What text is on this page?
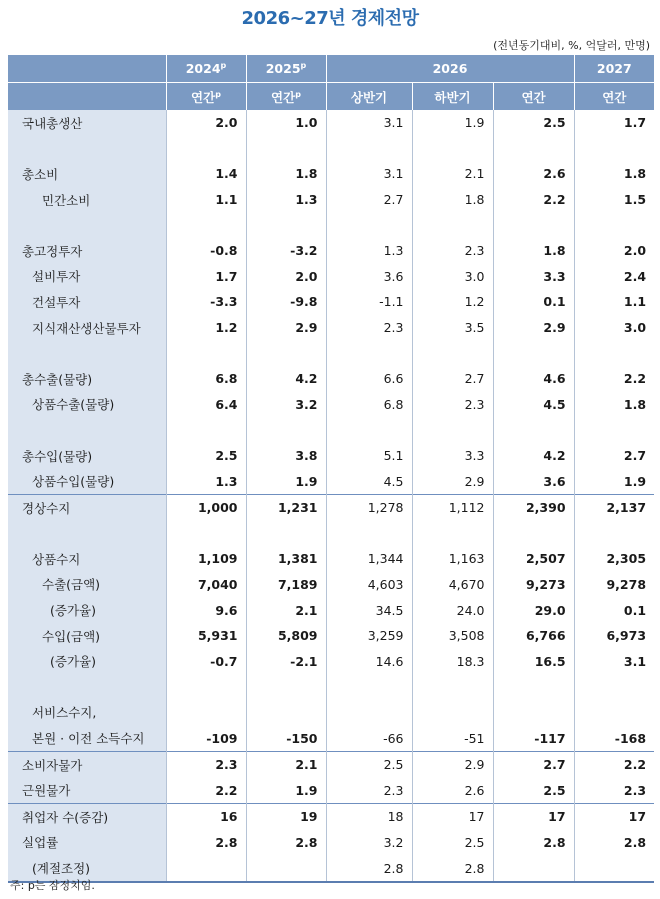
2026~27년 경제전망
(전년동기대비, %, 억달러, 만명)
	2024$^p$	2025$^p$	2026			2027
	연간$^p$	연간$^p$	상반기	하반기	연간	연간
국내총생산	2.0	1.0	3.1	1.9	2.5	1.7

총소비	1.4	1.8	3.1	2.1	2.6	1.8
민간소비	1.1	1.3	2.7	1.8	2.2	1.5

총고정투자	-0.8	-3.2	1.3	2.3	1.8	2.0
설비투자	1.7	2.0	3.6	3.0	3.3	2.4
건설투자	-3.3	-9.8	-1.1	1.2	0.1	1.1
지식재산생산물투자	1.2	2.9	2.3	3.5	2.9	3.0

총수출(물량)	6.8	4.2	6.6	2.7	4.6	2.2
상품수출(물량)	6.4	3.2	6.8	2.3	4.5	1.8

총수입(물량)	2.5	3.8	5.1	3.3	4.2	2.7
상품수입(물량)	1.3	1.9	4.5	2.9	3.6	1.9
경상수지	1,000	1,231	1,278	1,112	2,390	2,137

상품수지	1,109	1,381	1,344	1,163	2,507	2,305
수출(금액)	7,040	7,189	4,603	4,670	9,273	9,278
(증가율)	9.6	2.1	34.5	24.0	29.0	0.1
수입(금액)	5,931	5,809	3,259	3,508	6,766	6,973
(증가율)	-0.7	-2.1	14.6	18.3	16.5	3.1

서비스수지,						
본원 · 이전 소득수지	-109	-150	-66	-51	-117	-168
소비자물가	2.3	2.1	2.5	2.9	2.7	2.2
근원물가	2.2	1.9	2.3	2.6	2.5	2.3
취업자 수(증감)	16	19	18	17	17	17
실업률	2.8	2.8	3.2	2.5	2.8	2.8
(계절조정)			2.8	2.8		
주: p는 잠정치임.
